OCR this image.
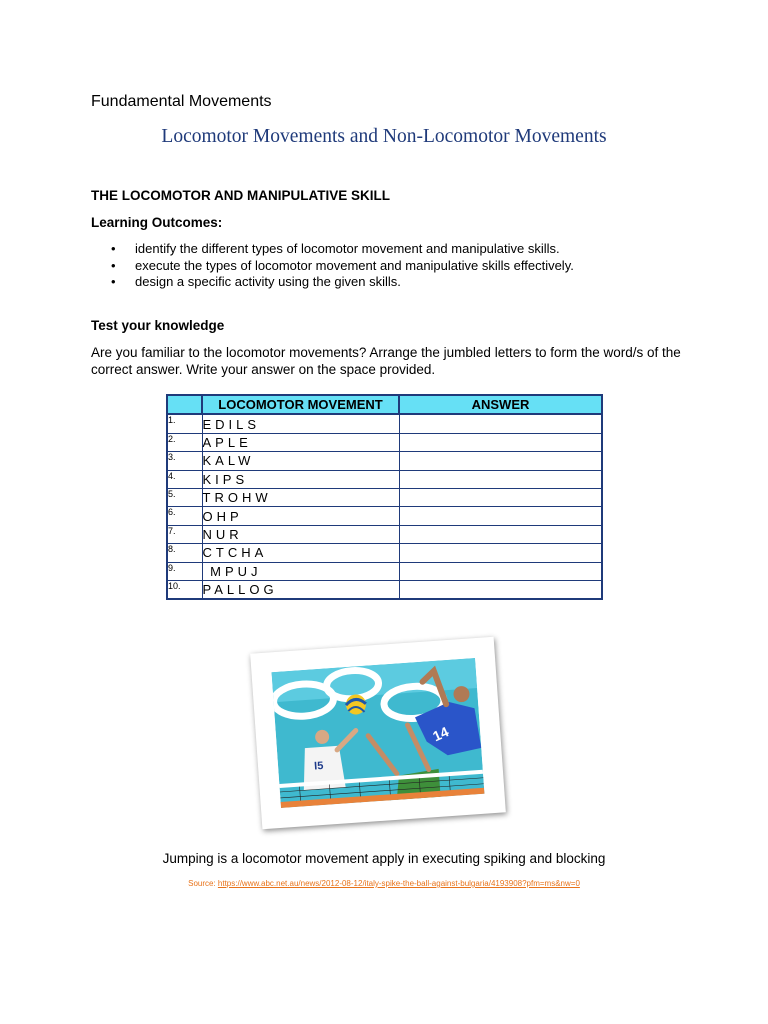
Fundamental Movements
Locomotor Movements and Non-Locomotor Movements
THE LOCOMOTOR AND MANIPULATIVE SKILL
Learning Outcomes:
• identify the different types of locomotor movement and manipulative skills.
• execute the types of locomotor movement and manipulative skills effectively.
• design a specific activity using the given skills.
Test your knowledge

Are you familiar to the locomotor movements? Arrange the jumbled letters to form the word/s of the correct answer. Write your answer on the space provided.

	LOCOMOTOR MOVEMENT	ANSWER
1.	EDILS	
2.	APLE	
3.	KALW	
4.	KIPS	
5.	TROHW	
6.	OHP	
7.	NUR	
8.	CTCHA	
9.	MPUJ	
10.	PALLOG	
14
I5

Jumping is a locomotor movement apply in executing spiking and blocking

Source: https://www.abc.net.au/news/2012-08-12/italy-spike-the-ball-against-bulgaria/4193908?pfm=ms&nw=0
